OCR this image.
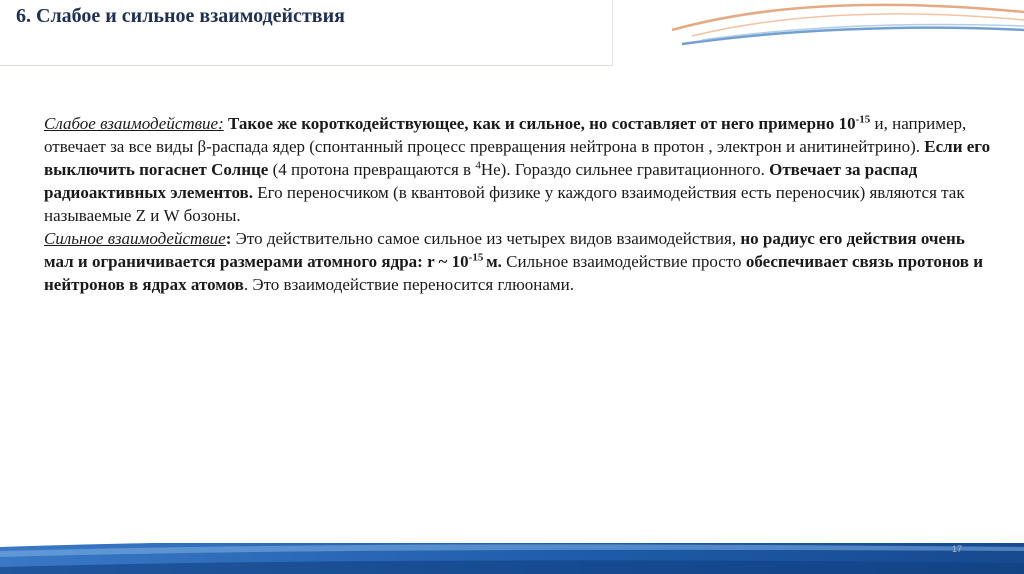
6. Слабое и сильное взаимодействия

Слабое взаимодействие: Такое же короткодействующее, как и сильное, но составляет от него примерно $10^{-15}$ и, например, отвечает за все виды β-распада ядер (спонтанный процесс превращения нейтрона в протон , электрон и анитинейтрино). Если его выключить погаснет Солнце (4 протона превращаются в $^4$He). Гораздо сильнее гравитационного. Отвечает за распад радиоактивных элементов. Его переносчиком (в квантовой физике у каждого взаимодействия есть переносчик) являются так называемые Z и W бозоны.

Сильное взаимодействие: Это действительно самое сильное из четырех видов взаимодействия, но радиус его действия очень мал и ограничивается размерами атомного ядра: r ~ $10^{-15}$ м. Сильное взаимодействие просто обеспечивает связь протонов и нейтронов в ядрах атомов. Это взаимодействие переносится глюонами.

17
